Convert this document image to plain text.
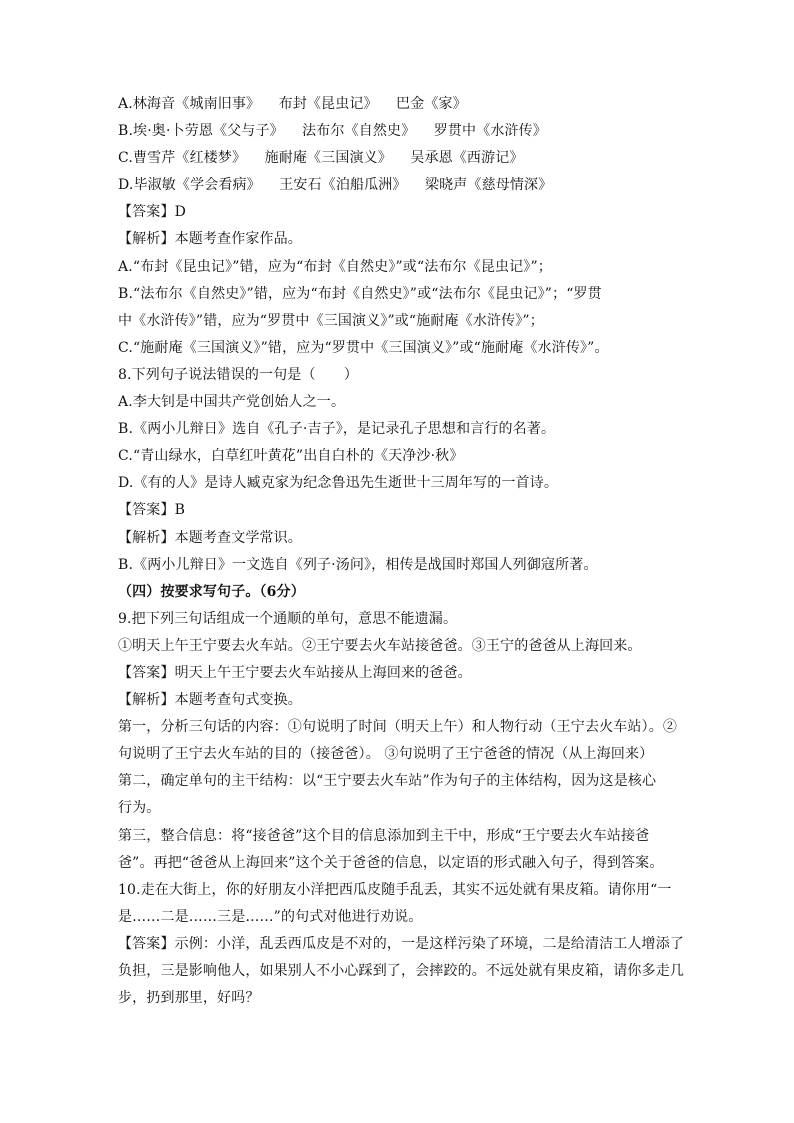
A.林海音《城南旧事》    布封《昆虫记》    巴金《家》
B.埃·奥·卜劳恩《父与子》    法布尔《自然史》    罗贯中《水浒传》
C.曹雪芹《红楼梦》    施耐庵《三国演义》    吴承恩《西游记》
D.毕淑敏《学会看病》    王安石《泊船瓜洲》    梁晓声《慈母情深》
【答案】D
【解析】本题考查作家作品。
A.“布封《昆虫记》”错，应为“布封《自然史》”或“法布尔《昆虫记》”；
B.“法布尔《自然史》”错，应为“布封《自然史》”或“法布尔《昆虫记》”；“罗贯
中《水浒传》”错，应为“罗贯中《三国演义》”或“施耐庵《水浒传》”；
C.“施耐庵《三国演义》”错，应为“罗贯中《三国演义》”或“施耐庵《水浒传》”。
8.下列句子说法错误的一句是（　　）
A.李大钊是中国共产党创始人之一。
B.《两小儿辩日》选自《孔子·吉子》，是记录孔子思想和言行的名著。
C.“青山绿水，白草红叶黄花”出自白朴的《天净沙·秋》
D.《有的人》是诗人臧克家为纪念鲁迅先生逝世十三周年写的一首诗。
【答案】B
【解析】本题考查文学常识。
B.《两小儿辩日》一文选自《列子·汤问》，相传是战国时郑国人列御寇所著。
（四）按要求写句子。（6分）
9.把下列三句话组成一个通顺的单句，意思不能遗漏。
①明天上午王宁要去火车站。②王宁要去火车站接爸爸。③王宁的爸爸从上海回来。
【答案】明天上午王宁要去火车站接从上海回来的爸爸。
【解析】本题考查句式变换。
第一，分析三句话的内容：①句说明了时间（明天上午）和人物行动（王宁去火车站）。②
句说明了王宁去火车站的目的（接爸爸）。 ③句说明了王宁爸爸的情况（从上海回来）
第二，确定单句的主干结构：以“王宁要去火车站”作为句子的主体结构，因为这是核心
行为。
第三，整合信息：将“接爸爸”这个目的信息添加到主干中，形成“王宁要去火车站接爸
爸”。再把“爸爸从上海回来”这个关于爸爸的信息，以定语的形式融入句子，得到答案。
10.走在大街上，你的好朋友小洋把西瓜皮随手乱丢，其实不远处就有果皮箱。请你用“一
是……二是……三是……”的句式对他进行劝说。
【答案】示例：小洋，乱丢西瓜皮是不对的，一是这样污染了环境，二是给清洁工人增添了
负担，三是影响他人，如果别人不小心踩到了，会摔跤的。不远处就有果皮箱，请你多走几
步，扔到那里，好吗？
